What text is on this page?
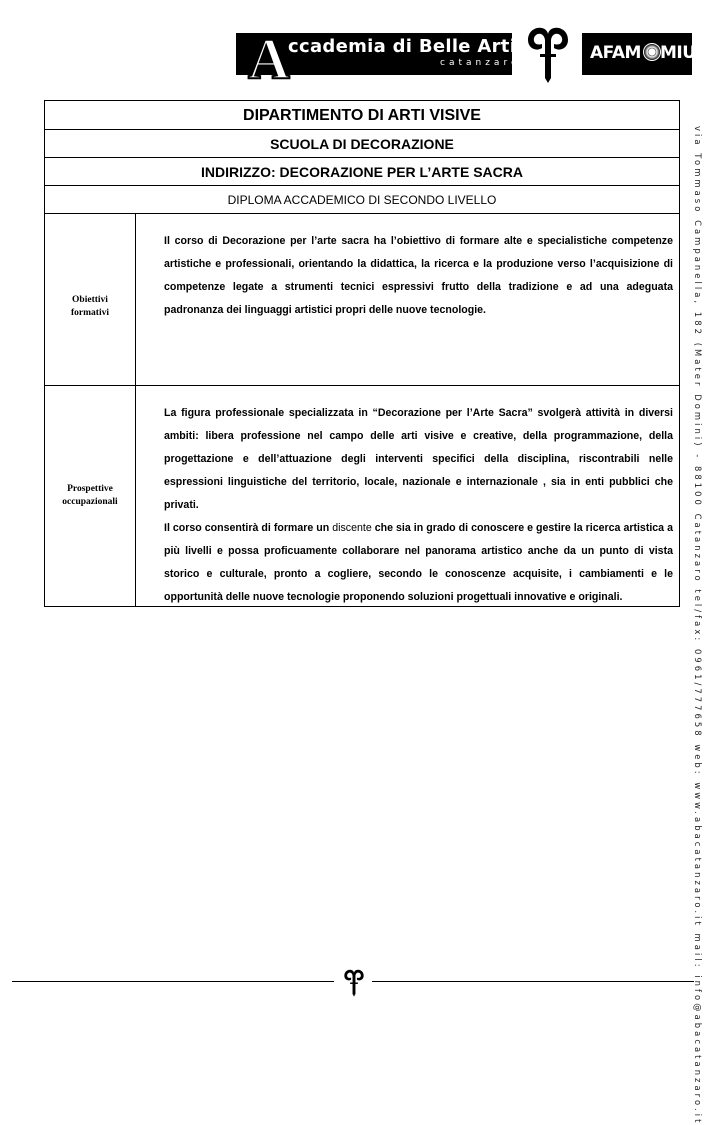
A
ccademia di Belle Arti
catanzaro	AFAM MIUR
via Tommaso Campanella, 182 (Mater Domini) - 88100 Catanzaro tel/fax: 0961/777658 web: www.abacatanzaro.it mail: info@abacatanzaro.it
DIPARTIMENTO DI ARTI VISIVE
SCUOLA DI DECORAZIONE
INDIRIZZO: DECORAZIONE PER L’ARTE SACRA
DIPLOMA ACCADEMICO DI SECONDO LIVELLO
Obiettivi
formativi

Il corso di Decorazione per l’arte sacra ha l’obiettivo di formare alte e specialistiche competenze artistiche e professionali, orientando la didattica, la ricerca e la produzione verso l’acquisizione di competenze legate a strumenti tecnici espressivi frutto della tradizione e ad una adeguata padronanza dei linguaggi artistici propri delle nuove tecnologie.

Prospettive
occupazionali

La figura professionale specializzata in “Decorazione per l’Arte Sacra” svolgerà attività in diversi ambiti: libera professione nel campo delle arti visive e creative, della programmazione, della progettazione e dell’attuazione degli interventi specifici della disciplina, riscontrabili nelle espressioni linguistiche del territorio, locale, nazionale e internazionale , sia in enti pubblici che privati.

Il corso consentirà di formare un discente che sia in grado di conoscere e gestire la ricerca artistica a più livelli e possa proficuamente collaborare nel panorama artistico anche da un punto di vista storico e culturale, pronto a cogliere, secondo le conoscenze acquisite, i cambiamenti e le opportunità delle nuove tecnologie proponendo soluzioni progettuali innovative e originali.
